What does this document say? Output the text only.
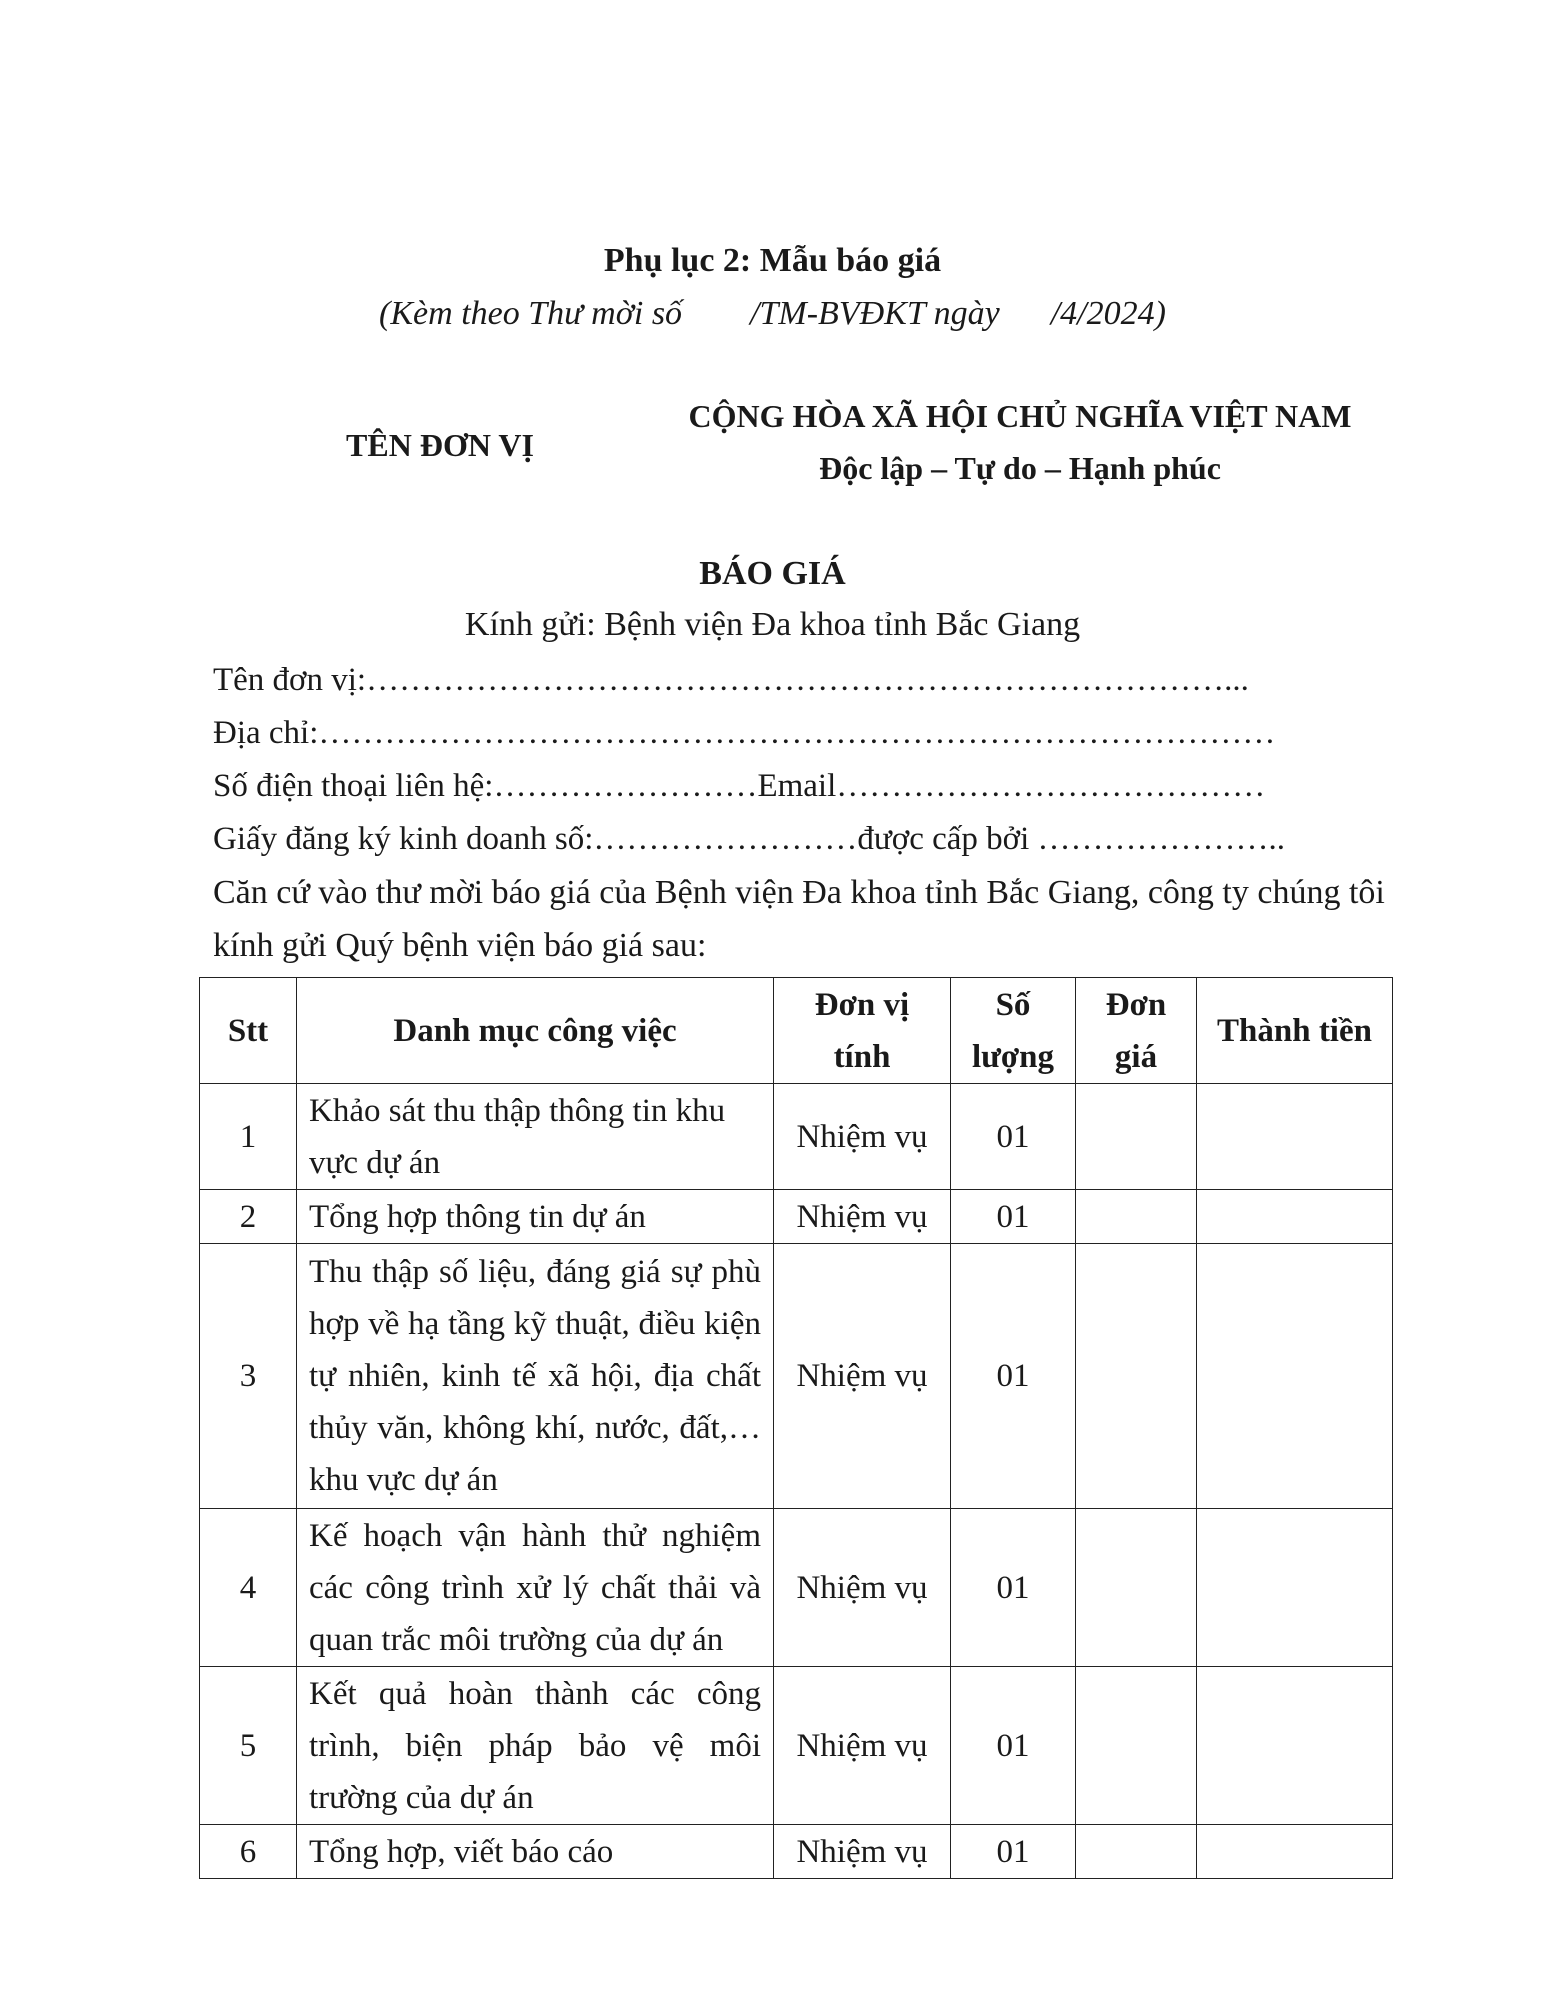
Phụ lục 2: Mẫu báo giá
(Kèm theo Thư mời số        /TM-BVĐKT ngày      /4/2024)
TÊN ĐƠN VỊ
CỘNG HÒA XÃ HỘI CHỦ NGHĨA VIỆT NAM
Độc lập – Tự do – Hạnh phúc
BÁO GIÁ
Kính gửi: Bệnh viện Đa khoa tỉnh Bắc Giang
Tên đơn vị:……………………………………………………………………...
Địa chỉ:……………………………………………………………………………
Số điện thoại liên hệ:……………………Email…………………………………
Giấy đăng ký kinh doanh số:……………………được cấp bởi …………………..
Căn cứ vào thư mời báo giá của Bệnh viện Đa khoa tỉnh Bắc Giang, công ty chúng tôi kính gửi Quý bệnh viện báo giá sau:
Stt	Danh mục công việc	Đơn vị tính	Số lượng	Đơn giá	Thành tiền
1	Khảo sát thu thập thông tin khu vực dự án	Nhiệm vụ	01		
2	Tổng hợp thông tin dự án	Nhiệm vụ	01		
3	Thu thập số liệu, đáng giá sự phù hợp về hạ tầng kỹ thuật, điều kiện tự nhiên, kinh tế xã hội, địa chất thủy văn, không khí, nước, đất,…khu vực dự án	Nhiệm vụ	01		
4	Kế hoạch vận hành thử nghiệm các công trình xử lý chất thải và quan trắc môi trường của dự án	Nhiệm vụ	01		
5	Kết quả hoàn thành các công trình, biện pháp bảo vệ môi trường của dự án	Nhiệm vụ	01		
6	Tổng hợp, viết báo cáo	Nhiệm vụ	01		
